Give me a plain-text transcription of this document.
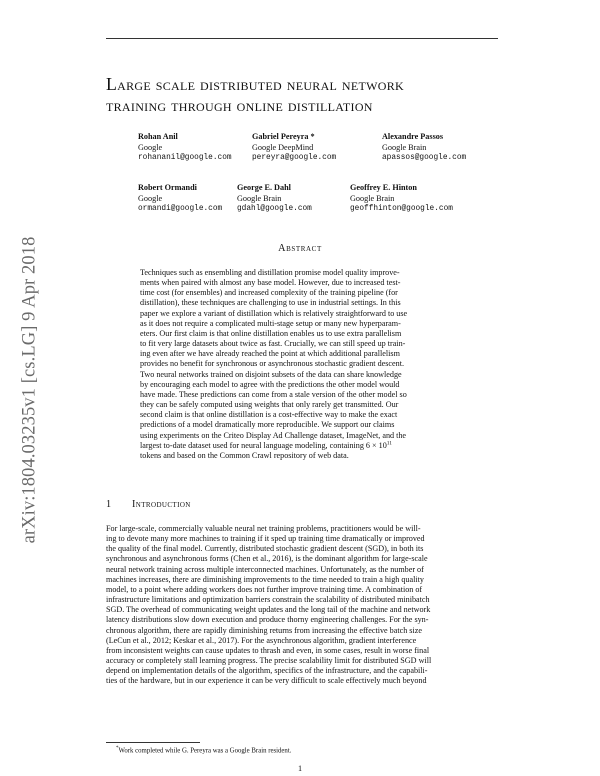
arXiv:1804.03235v1 [cs.LG] 9 Apr 2018
Large scale distributed neural network
training through online distillation
Rohan Anil
Google
rohananil@google.com
Gabriel Pereyra *
Google DeepMind
pereyra@google.com
Alexandre Passos
Google Brain
apassos@google.com
Robert Ormandi
Google
ormandi@google.com
George E. Dahl
Google Brain
gdahl@google.com
Geoffrey E. Hinton
Google Brain
geoffhinton@google.com
Abstract
Techniques such as ensembling and distillation promise model quality improve-
ments when paired with almost any base model. However, due to increased test-
time cost (for ensembles) and increased complexity of the training pipeline (for
distillation), these techniques are challenging to use in industrial settings. In this
paper we explore a variant of distillation which is relatively straightforward to use
as it does not require a complicated multi-stage setup or many new hyperparam-
eters. Our first claim is that online distillation enables us to use extra parallelism
to fit very large datasets about twice as fast. Crucially, we can still speed up train-
ing even after we have already reached the point at which additional parallelism
provides no benefit for synchronous or asynchronous stochastic gradient descent.
Two neural networks trained on disjoint subsets of the data can share knowledge
by encouraging each model to agree with the predictions the other model would
have made. These predictions can come from a stale version of the other model so
they can be safely computed using weights that only rarely get transmitted. Our
second claim is that online distillation is a cost-effective way to make the exact
predictions of a model dramatically more reproducible. We support our claims
using experiments on the Criteo Display Ad Challenge dataset, ImageNet, and the
largest to-date dataset used for neural language modeling, containing $6 \times 10^{11}$
tokens and based on the Common Crawl repository of web data.
1 Introduction
For large-scale, commercially valuable neural net training problems, practitioners would be will-
ing to devote many more machines to training if it sped up training time dramatically or improved
the quality of the final model. Currently, distributed stochastic gradient descent (SGD), in both its
synchronous and asynchronous forms (Chen et al., 2016), is the dominant algorithm for large-scale
neural network training across multiple interconnected machines. Unfortunately, as the number of
machines increases, there are diminishing improvements to the time needed to train a high quality
model, to a point where adding workers does not further improve training time. A combination of
infrastructure limitations and optimization barriers constrain the scalability of distributed minibatch
SGD. The overhead of communicating weight updates and the long tail of the machine and network
latency distributions slow down execution and produce thorny engineering challenges. For the syn-
chronous algorithm, there are rapidly diminishing returns from increasing the effective batch size
(LeCun et al., 2012; Keskar et al., 2017). For the asynchronous algorithm, gradient interference
from inconsistent weights can cause updates to thrash and even, in some cases, result in worse final
accuracy or completely stall learning progress. The precise scalability limit for distributed SGD will
depend on implementation details of the algorithm, specifics of the infrastructure, and the capabili-
ties of the hardware, but in our experience it can be very difficult to scale effectively much beyond
*Work completed while G. Pereyra was a Google Brain resident.
1
